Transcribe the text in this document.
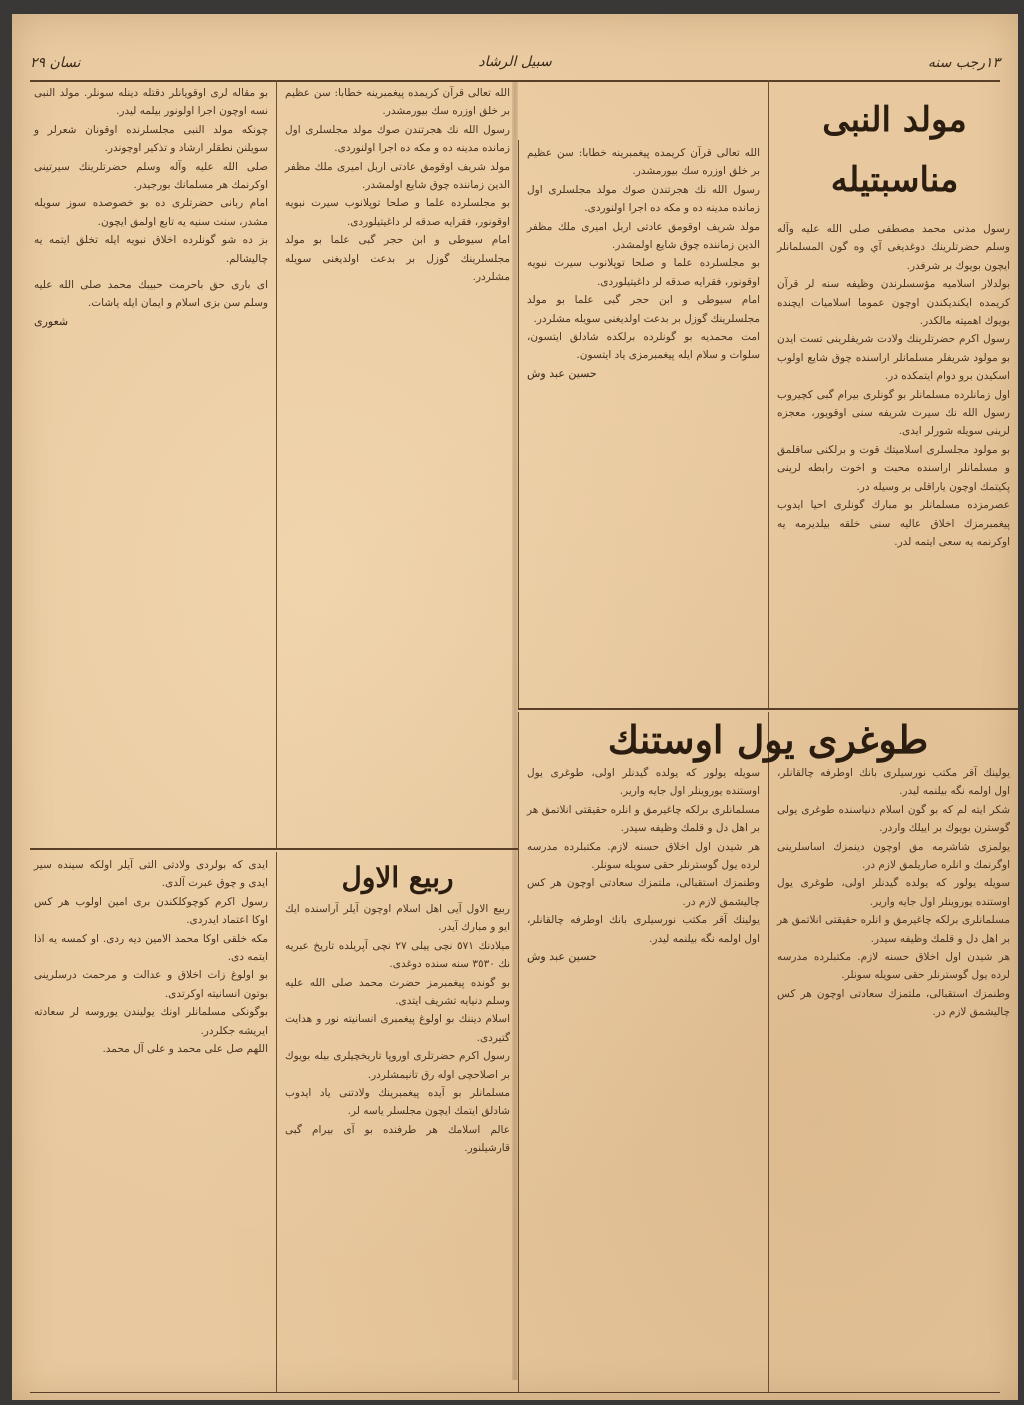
١٣ﺭﺟﺐ ﺳﻨﻪ
ﺳﺒﻴﻞ ﺍﻟﺮﺷﺎﺩ
ﻧﺴﺎﻥ ٢٩
ﻣﻮﻟﺪ ﺍﻟﻨﺒﻰ ﻣﻨﺎﺳﺒﺘﻴﻠﻪ

ﺭﺳﻮﻝ ﻣﺪﻧﻰ ﻣﺤﻤﺪ ﻣﺼﻄﻔﻰ ﺻﻠﻰ ﺍﻟﻠﻪ ﻋﻠﻴﻪ ﻭﺁﻟﻪ ﻭﺳﻠﻢ ﺣﻀﺮﺗﻠﺮﻳﻨﻚ ﺩﻭﻏﺪﻳﻐﻰ ﺁﻱ ﻭﻩ ﮔﻮﻥ ﺍﻟﻤﺴﻠﻤﺎﻧﻠﺮ ﺍﻳﭽﻮﻥ ﺑﻮﻳﻮﻙ ﺑﺮ ﺷﺮﻓﺪﺭ.

ﺑﻮﻟﺪﻻﺭ ﺍﺳﻼﻣﻴﻪ ﻣﺆﺳﺴﻠﺮﻧﺪﻥ ﻭﻇﻴﻔﻪ ﺳﻨﻪ ﻟﺮ ﻗﺮﺁﻥ ﻛﺮﻳﻤﺪﻩ ﺍﻳﻜﻨﺪﻳﻜﻨﺪﻥ ﺍﻭﭼﻮﻥ ﻋﻤﻮﻣﺎ ﺍﺳﻼﻣﻴﺎﺕ ﺍﻳﭽﻨﺪﻩ ﺑﻮﻳﻮﻙ ﺍﻫﻤﻴﺘﻪ ﻣﺎﻟﻜﺪﺭ.

ﺭﺳﻮﻝ ﺍﻛﺮﻡ ﺣﻀﺮﺗﻠﺮﻳﻨﻚ ﻭﻻﺩﺕ ﺷﺮﻳﻔﻠﺮﻳﻨﻰ ﺗﺴﺖ ﺍﻳﺪﻥ ﺑﻮ ﻣﻮﻟﻮﺩ ﺷﺮﻳﻔﻠﺮ ﻣﺴﻠﻤﺎﻧﻠﺮ ﺍﺭﺍﺳﻨﺪﻩ ﭼﻮﻕ ﺷﺎﻳﻊ ﺍﻭﻟﻮﺏ ﺍﺳﻜﻴﺪﻥ ﺑﺮﻭ ﺩﻭﺍﻡ ﺍﻳﺘﻤﻜﺪﻩ ﺩﺭ.

ﺍﻭﻝ ﺯﻣﺎﻧﻠﺮﺩﻩ ﻣﺴﻠﻤﺎﻧﻠﺮ ﺑﻮ ﮔﻮﻧﻠﺮﻯ ﺑﻴﺮﺍﻡ ﮔﺒﻰ ﻛﭽﻴﺮﻭﺏ ﺭﺳﻮﻝ ﺍﻟﻠﻪ ﻧﻚ ﺳﻴﺮﺕ ﺷﺮﻳﻔﻪ ﺳﻨﻰ ﺍﻭﻗﻮﻳﻮﺭ، ﻣﻌﺠﺰﻩ ﻟﺮﻳﻨﻰ ﺳﻮﻳﻠﻪ ﺷﻮﺭﻟﺮ ﺍﻳﺪﻯ.

ﺑﻮ ﻣﻮﻟﻮﺩ ﻣﺠﻠﺴﻠﺮﻯ ﺍﺳﻼﻣﻴﺘﻚ ﻗﻮﺕ ﻭ ﺑﺮﻟﻜﻨﻰ ﺳﺎﻗﻠﻤﻖ ﻭ ﻣﺴﻠﻤﺎﻧﻠﺮ ﺍﺭﺍﺳﻨﺪﻩ ﻣﺤﺒﺖ ﻭ ﺍﺧﻮﺕ ﺭﺍﺑﻄﻪ ﻟﺮﻳﻨﻰ ﭘﻜﻴﺘﻤﻚ ﺍﻭﭼﻮﻥ ﻳﺎﺭﺍﻗﻠﻰ ﺑﺮ ﻭﺳﻴﻠﻪ ﺩﺭ.

ﻋﺼﺮﻣﺰﺩﻩ ﻣﺴﻠﻤﺎﻧﻠﺮ ﺑﻮ ﻣﺒﺎﺭﻙ ﮔﻮﻧﻠﺮﻯ ﺍﺣﻴﺎ ﺍﻳﺪﻭﺏ ﭘﻴﻐﻤﺒﺮﻣﺰﻙ ﺍﺧﻼﻕ ﻋﺎﻟﻴﻪ ﺳﻨﻰ ﺧﻠﻘﻪ ﺑﻴﻠﺪﻳﺮﻣﻪ ﻳﻪ ﺍﻭﻛﺮﻧﻤﻪ ﻳﻪ ﺳﻌﻰ ﺍﻳﺘﻤﻪ ﻟﺪﺭ.

ﺍﻟﻠﻪ ﺗﻌﺎﻟﻰ ﻗﺮﺁﻥ ﻛﺮﻳﻤﺪﻩ ﭘﻴﻐﻤﺒﺮﻳﻨﻪ ﺧﻄﺎﺑﺎ: ﺳﻦ ﻋﻈﻴﻢ ﺑﺮ ﺧﻠﻖ ﺍﻭﺯﺭﻩ ﺳﻚ ﺑﻴﻮﺭﻣﺸﺪﺭ.

ﺭﺳﻮﻝ ﺍﻟﻠﻪ ﻧﻚ ﻫﺠﺮﺗﻨﺪﻥ ﺻﻮﻙ ﻣﻮﻟﺪ ﻣﺠﻠﺴﻠﺮﻯ ﺍﻭﻝ ﺯﻣﺎﻧﺪﻩ ﻣﺪﻳﻨﻪ ﺩﻩ ﻭ ﻣﻜﻪ ﺩﻩ ﺍﺟﺮﺍ ﺍﻭﻟﻨﻮﺭﺩﻯ.

ﻣﻮﻟﺪ ﺷﺮﻳﻒ ﺍﻭﻗﻮﻣﻖ ﻋﺎﺩﺗﻰ ﺍﺭﺑﻞ ﺍﻣﻴﺮﻯ ﻣﻠﻚ ﻣﻈﻔﺮ ﺍﻟﺪﻳﻦ ﺯﻣﺎﻧﻨﺪﻩ ﭼﻮﻕ ﺷﺎﻳﻊ ﺍﻭﻟﻤﺸﺪﺭ.

ﺑﻮ ﻣﺠﻠﺴﻠﺮﺩﻩ ﻋﻠﻤﺎ ﻭ ﺻﻠﺤﺎ ﺗﻮﭘﻼﻧﻮﺏ ﺳﻴﺮﺕ ﻧﺒﻮﻳﻪ ﺍﻭﻗﻮﻧﻮﺭ، ﻓﻘﺮﺍﻳﻪ ﺻﺪﻗﻪ ﻟﺮ ﺩﺍﻏﻴﺘﻴﻠﻮﺭﺩﻯ.

ﺍﻣﺎﻡ ﺳﻴﻮﻃﻰ ﻭ ﺍﺑﻦ ﺣﺠﺮ ﮔﺒﻰ ﻋﻠﻤﺎ ﺑﻮ ﻣﻮﻟﺪ ﻣﺠﻠﺴﻠﺮﻳﻨﻚ ﮔﻮﺯﻝ ﺑﺮ ﺑﺪﻋﺖ ﺍﻭﻟﺪﻳﻐﻨﻰ ﺳﻮﻳﻠﻪ ﻣﺸﻠﺮﺩﺭ.

ﺍﻣﺖ ﻣﺤﻤﺪﻳﻪ ﺑﻮ ﮔﻮﻧﻠﺮﺩﻩ ﺑﺮﻟﻜﺪﻩ ﺷﺎﺩﻟﻖ ﺍﻳﺘﺴﻮﻥ، ﺳﻠﻮﺍﺕ ﻭ ﺳﻼﻡ ﺍﻳﻠﻪ ﭘﻴﻐﻤﺒﺮﻣﺰﻯ ﻳﺎﺩ ﺍﻳﺘﺴﻮﻥ.

ﺣﺴﻴﻦ ﻋﺒﺪ ﻭﺵ

ﺍﻟﻠﻪ ﺗﻌﺎﻟﻰ ﻗﺮﺁﻥ ﻛﺮﻳﻤﺪﻩ ﭘﻴﻐﻤﺒﺮﻳﻨﻪ ﺧﻄﺎﺑﺎ: ﺳﻦ ﻋﻈﻴﻢ ﺑﺮ ﺧﻠﻖ ﺍﻭﺯﺭﻩ ﺳﻚ ﺑﻴﻮﺭﻣﺸﺪﺭ.

ﺭﺳﻮﻝ ﺍﻟﻠﻪ ﻧﻚ ﻫﺠﺮﺗﻨﺪﻥ ﺻﻮﻙ ﻣﻮﻟﺪ ﻣﺠﻠﺴﻠﺮﻯ ﺍﻭﻝ ﺯﻣﺎﻧﺪﻩ ﻣﺪﻳﻨﻪ ﺩﻩ ﻭ ﻣﻜﻪ ﺩﻩ ﺍﺟﺮﺍ ﺍﻭﻟﻨﻮﺭﺩﻯ.

ﻣﻮﻟﺪ ﺷﺮﻳﻒ ﺍﻭﻗﻮﻣﻖ ﻋﺎﺩﺗﻰ ﺍﺭﺑﻞ ﺍﻣﻴﺮﻯ ﻣﻠﻚ ﻣﻈﻔﺮ ﺍﻟﺪﻳﻦ ﺯﻣﺎﻧﻨﺪﻩ ﭼﻮﻕ ﺷﺎﻳﻊ ﺍﻭﻟﻤﺸﺪﺭ.

ﺑﻮ ﻣﺠﻠﺴﻠﺮﺩﻩ ﻋﻠﻤﺎ ﻭ ﺻﻠﺤﺎ ﺗﻮﭘﻼﻧﻮﺏ ﺳﻴﺮﺕ ﻧﺒﻮﻳﻪ ﺍﻭﻗﻮﻧﻮﺭ، ﻓﻘﺮﺍﻳﻪ ﺻﺪﻗﻪ ﻟﺮ ﺩﺍﻏﻴﺘﻴﻠﻮﺭﺩﻯ.

ﺍﻣﺎﻡ ﺳﻴﻮﻃﻰ ﻭ ﺍﺑﻦ ﺣﺠﺮ ﮔﺒﻰ ﻋﻠﻤﺎ ﺑﻮ ﻣﻮﻟﺪ ﻣﺠﻠﺴﻠﺮﻳﻨﻚ ﮔﻮﺯﻝ ﺑﺮ ﺑﺪﻋﺖ ﺍﻭﻟﺪﻳﻐﻨﻰ ﺳﻮﻳﻠﻪ ﻣﺸﻠﺮﺩﺭ.

ﺑﻮ ﻣﻘﺎﻟﻪ ﻟﺮﻯ ﺍﻭﻗﻮﻳﺎﻧﻠﺮ ﺩﻗﺘﻠﻪ ﺩﻳﻨﻠﻪ ﺳﻮﻧﻠﺮ. ﻣﻮﻟﺪ ﺍﻟﻨﺒﻰ ﻧﺴﻪ ﺍﻭﭼﻮﻥ ﺍﺟﺮﺍ ﺍﻭﻟﻮﻧﻮﺭ ﺑﻴﻠﻤﻪ ﻟﻴﺪﺭ.

ﭼﻮﻧﻜﻪ ﻣﻮﻟﺪ ﺍﻟﻨﺒﻰ ﻣﺠﻠﺴﻠﺮﻧﺪﻩ ﺍﻭﻗﻮﻧﺎﻥ ﺷﻌﺮﻟﺮ ﻭ ﺳﻮﻳﻠﻨﻦ ﻧﻄﻘﻠﺮ ﺍﺭﺷﺎﺩ ﻭ ﺗﺬﻛﻴﺮ ﺍﻭﭼﻮﻧﺪﺭ.

ﺻﻠﻰ ﺍﻟﻠﻪ ﻋﻠﻴﻪ ﻭﺁﻟﻪ ﻭﺳﻠﻢ ﺣﻀﺮﺗﻠﺮﻳﻨﻚ ﺳﻴﺮﺗﻴﻨﻰ ﺍﻭﻛﺮﻧﻤﻚ ﻫﺮ ﻣﺴﻠﻤﺎﻧﻚ ﺑﻮﺭﺟﻴﺪﺭ.

ﺍﻣﺎﻡ ﺭﺑﺎﻧﻰ ﺣﻀﺮﺗﻠﺮﻯ ﺩﻩ ﺑﻮ ﺧﺼﻮﺻﺪﻩ ﺳﻮﺯ ﺳﻮﻳﻠﻪ ﻣﺸﺪﺭ، ﺳﻨﺖ ﺳﻨﻴﻪ ﻳﻪ ﺗﺎﺑﻊ ﺍﻭﻟﻤﻖ ﺍﻳﭽﻮﻥ.

ﺑﺰ ﺩﻩ ﺷﻮ ﮔﻮﻧﻠﺮﺩﻩ ﺍﺧﻼﻕ ﻧﺒﻮﻳﻪ ﺍﻳﻠﻪ ﺗﺨﻠﻖ ﺍﻳﺘﻤﻪ ﻳﻪ ﭼﺎﻟﻴﺸﺎﻟﻢ.

ﺍﻯ ﺑﺎﺭﻯ ﺣﻖ ﺑﺎﺣﺮﻣﺖ ﺣﺒﻴﺒﻚ ﻣﺤﻤﺪ ﺻﻠﻰ ﺍﻟﻠﻪ ﻋﻠﻴﻪ ﻭﺳﻠﻢ ﺳﻦ ﺑﺰﻯ ﺍﺳﻼﻡ ﻭ ﺍﻳﻤﺎﻥ ﺍﻳﻠﻪ ﻳﺎﺷﺎﺕ.

ﺷﻌﻮﺭﻯ

ﻳﻮﻟﻴﻨﻚ ﺁﻗﺮ ﻣﻜﺘﺐ ﻧﻮﺭﺳﻴﻠﺮﻯ ﺑﺎﻧﻚ ﺍﻭﻃﺮﻓﻪ ﭼﺎﻟﻘﺎﻧﻠﺮ، ﺍﻭﻝ ﺍﻭﻟﻤﻪ ﻧﮕﻪ ﺑﻴﻠﻨﻤﻪ ﻟﻴﺪﺭ.

ﺷﻜﺮ ﺍﻳﺘﻪ ﻟﻢ ﻛﻪ ﺑﻮ ﮔﻮﻥ ﺍﺳﻼﻡ ﺩﻧﻴﺎﺳﻨﺪﻩ ﻃﻮﻏﺮﻯ ﻳﻮﻟﻰ ﮔﻮﺳﺘﺮﻥ ﺑﻮﻳﻮﻙ ﺑﺮ ﺍﻳﻴﻠﻚ ﻭﺍﺭﺩﺭ.

ﻳﻮﻟﻤﺰﻯ ﺷﺎﺷﺮﻣﻪ ﻣﻖ ﺍﻭﭼﻮﻥ ﺩﻳﻨﻤﺰﻙ ﺍﺳﺎﺳﻠﺮﻳﻨﻰ ﺍﻭﮔﺮﻧﻤﻚ ﻭ ﺍﻧﻠﺮﻩ ﺻﺎﺭﻳﻠﻤﻖ ﻻﺯﻡ ﺩﺭ.

ﺳﻮﻳﻠﻪ ﻳﻮﻟﻮﺭ ﻛﻪ ﻳﻮﻟﺪﻩ ﮔﻴﺪﻧﻠﺮ ﺍﻭﻟﻰ، ﻃﻮﻏﺮﻯ ﻳﻮﻝ ﺍﻭﺳﺘﻨﺪﻩ ﻳﻮﺭﻭﻳﻨﻠﺮ ﺍﻭﻝ ﺟﺎﻳﻪ ﻭﺍﺭﻳﺮ.

ﻣﺴﻠﻤﺎﻧﻠﺮﻯ ﺑﺮﻟﻜﻪ ﭼﺎﻏﻴﺮﻣﻖ ﻭ ﺍﻧﻠﺮﻩ ﺣﻘﻴﻘﺘﻰ ﺍﻧﻼﺗﻤﻖ ﻫﺮ ﺑﺮ ﺍﻫﻞ ﺩﻝ ﻭ ﻗﻠﻤﻚ ﻭﻇﻴﻔﻪ ﺳﻴﺪﺭ.

ﻫﺮ ﺷﻴﺪﻥ ﺍﻭﻝ ﺍﺧﻼﻕ ﺣﺴﻨﻪ ﻟﺎﺯﻡ. ﻣﻜﺘﺒﻠﺮﺩﻩ ﻣﺪﺭﺳﻪ ﻟﺮﺩﻩ ﻳﻮﻝ ﮔﻮﺳﺘﺮﻧﻠﺮ ﺣﻘﻰ ﺳﻮﻳﻠﻪ ﺳﻮﻧﻠﺮ.

ﻭﻃﻨﻤﺰﻙ ﺍﺳﺘﻘﺒﺎﻟﻰ، ﻣﻠﺘﻤﺰﻙ ﺳﻌﺎﺩﺗﻰ ﺍﻭﭼﻮﻥ ﻫﺮ ﻛﺲ ﭼﺎﻟﻴﺸﻤﻖ ﻟﺎﺯﻡ ﺩﺭ.

ﻃﻮﻏﺮﻯ ﻳﻮﻝ ﺍﻭﺳﺘﻨﻚ

ﺳﻮﻳﻠﻪ ﻳﻮﻟﻮﺭ ﻛﻪ ﻳﻮﻟﺪﻩ ﮔﻴﺪﻧﻠﺮ ﺍﻭﻟﻰ، ﻃﻮﻏﺮﻯ ﻳﻮﻝ ﺍﻭﺳﺘﻨﺪﻩ ﻳﻮﺭﻭﻳﻨﻠﺮ ﺍﻭﻝ ﺟﺎﻳﻪ ﻭﺍﺭﻳﺮ.

ﻣﺴﻠﻤﺎﻧﻠﺮﻯ ﺑﺮﻟﻜﻪ ﭼﺎﻏﻴﺮﻣﻖ ﻭ ﺍﻧﻠﺮﻩ ﺣﻘﻴﻘﺘﻰ ﺍﻧﻼﺗﻤﻖ ﻫﺮ ﺑﺮ ﺍﻫﻞ ﺩﻝ ﻭ ﻗﻠﻤﻚ ﻭﻇﻴﻔﻪ ﺳﻴﺪﺭ.

ﻫﺮ ﺷﻴﺪﻥ ﺍﻭﻝ ﺍﺧﻼﻕ ﺣﺴﻨﻪ ﻟﺎﺯﻡ. ﻣﻜﺘﺒﻠﺮﺩﻩ ﻣﺪﺭﺳﻪ ﻟﺮﺩﻩ ﻳﻮﻝ ﮔﻮﺳﺘﺮﻧﻠﺮ ﺣﻘﻰ ﺳﻮﻳﻠﻪ ﺳﻮﻧﻠﺮ.

ﻭﻃﻨﻤﺰﻙ ﺍﺳﺘﻘﺒﺎﻟﻰ، ﻣﻠﺘﻤﺰﻙ ﺳﻌﺎﺩﺗﻰ ﺍﻭﭼﻮﻥ ﻫﺮ ﻛﺲ ﭼﺎﻟﻴﺸﻤﻖ ﻟﺎﺯﻡ ﺩﺭ.

ﻳﻮﻟﻴﻨﻚ ﺁﻗﺮ ﻣﻜﺘﺐ ﻧﻮﺭﺳﻴﻠﺮﻯ ﺑﺎﻧﻚ ﺍﻭﻃﺮﻓﻪ ﭼﺎﻟﻘﺎﻧﻠﺮ، ﺍﻭﻝ ﺍﻭﻟﻤﻪ ﻧﮕﻪ ﺑﻴﻠﻨﻤﻪ ﻟﻴﺪﺭ.

ﺣﺴﻴﻦ ﻋﺒﺪ ﻭﺵ

ﺭﺑﻴﻊ ﺍﻻﻭﻝ

ﺭﺑﻴﻊ ﺍﻻﻭﻝ ﺁﻳﻰ ﺍﻫﻞ ﺍﺳﻼﻡ ﺍﻭﭼﻮﻥ ﺁﻳﻠﺮ ﺁﺭﺍﺳﻨﺪﻩ ﺍﻳﻚ ﺍﻳﻮ ﻭ ﻣﺒﺎﺭﻙ ﺁﻳﺪﺭ.

ﻣﻴﻼﺩﻧﻚ ٥٧١ ﻧﭽﻰ ﻳﻴﻠﻰ ٢٧ ﻧﭽﻰ ﺁﭘﺮﻳﻠﺪﻩ ﺗﺎﺭﻳﺦ ﻋﺒﺮﻳﻪ ﻧﻚ ٣٥٣٠ ﺳﻨﻪ ﺳﻨﺪﻩ ﺩﻭﻏﺪﻯ.

ﺑﻮ ﮔﻮﻧﺪﻩ ﭘﻴﻐﻤﺒﺮﻣﺰ ﺣﻀﺮﺕ ﻣﺤﻤﺪ ﺻﻠﻰ ﺍﻟﻠﻪ ﻋﻠﻴﻪ ﻭﺳﻠﻢ ﺩﻧﻴﺎﻳﻪ ﺗﺸﺮﻳﻒ ﺍﻳﺘﺪﻯ.

ﺍﺳﻼﻡ ﺩﻳﻨﻨﻚ ﺑﻮ ﺍﻭﻟﻮﻍ ﭘﻴﻐﻤﺒﺮﻯ ﺍﻧﺴﺎﻧﻴﺘﻪ ﻧﻮﺭ ﻭ ﻫﺪﺍﻳﺖ ﮔﺘﻴﺮﺩﻯ.

ﺭﺳﻮﻝ ﺍﻛﺮﻡ ﺣﻀﺮﺗﻠﺮﻯ ﺍﻭﺭﻭﭘﺎ ﺗﺎﺭﻳﺨﭽﻴﻠﺮﻯ ﺑﻴﻠﻪ ﺑﻮﻳﻮﻙ ﺑﺮ ﺍﺻﻼﺣﭽﻰ ﺍﻭﻟﻪ ﺭﻕ ﺗﺎﻧﻴﻤﺸﻠﺮﺩﺭ.

ﻣﺴﻠﻤﺎﻧﻠﺮ ﺑﻮ ﺁﻳﺪﻩ ﭘﻴﻐﻤﺒﺮﻳﻨﻚ ﻭﻻﺩﺗﻨﻰ ﻳﺎﺩ ﺍﻳﺪﻭﺏ ﺷﺎﺩﻟﻖ ﺍﻳﺘﻤﻚ ﺍﻳﭽﻮﻥ ﻣﺠﻠﺴﻠﺮ ﻳﺎﺳﻪ ﻟﺮ.

ﻋﺎﻟﻢ ﺍﺳﻼﻣﻚ ﻫﺮ ﻃﺮﻓﻨﺪﻩ ﺑﻮ ﺁﻯ ﺑﻴﺮﺍﻡ ﮔﺒﻰ ﻗﺎﺭﺷﻴﻠﻨﻮﺭ.

ﺍﻳﺪﻯ ﻛﻪ ﺑﻮﻟﺮﺩﻯ ﻭﻻﺩﺗﻰ ﺍﻟﺘﻰ ﺁﻳﻠﺮ ﺍﻭﻟﻜﻪ ﺳﻴﻨﺪﻩ ﺳﻴﺮ ﺍﻳﺪﻯ ﻭ ﭼﻮﻕ ﻋﺒﺮﺕ ﺁﻟﺪﻯ.

ﺭﺳﻮﻝ ﺍﻛﺮﻡ ﻛﻮﭼﻮﻛﻠﻜﻨﺪﻥ ﺑﺮﻯ ﺍﻣﻴﻦ ﺍﻭﻟﻮﺏ ﻫﺮ ﻛﺲ ﺍﻭﻛﺎ ﺍﻋﺘﻤﺎﺩ ﺍﻳﺪﺭﺩﻯ.

ﻣﻜﻪ ﺧﻠﻘﻰ ﺍﻭﻛﺎ ﻣﺤﻤﺪ ﺍﻻﻣﻴﻦ ﺩﻳﻪ ﺭﺩﻯ. ﺍﻭ ﻛﻤﺴﻪ ﻳﻪ ﺍﺫﺍ ﺍﻳﺘﻤﻪ ﺩﻯ.

ﺑﻮ ﺍﻭﻟﻮﻍ ﺯﺍﺕ ﺍﺧﻼﻕ ﻭ ﻋﺪﺍﻟﺖ ﻭ ﻣﺮﺣﻤﺖ ﺩﺭﺳﻠﺮﻳﻨﻰ ﺑﻮﺗﻮﻥ ﺍﻧﺴﺎﻧﻴﺘﻪ ﺍﻭﻛﺮﺗﺪﻯ.

ﺑﻮﮔﻮﻧﻜﻰ ﻣﺴﻠﻤﺎﻧﻠﺮ ﺍﻭﻧﻚ ﻳﻮﻟﻴﻨﺪﻥ ﻳﻮﺭﻭﺳﻪ ﻟﺮ ﺳﻌﺎﺩﺗﻪ ﺍﻳﺮﻳﺸﻪ ﺟﻜﻠﺮﺩﺭ.

ﺍﻟﻠﻬﻢ ﺻﻞ ﻋﻠﻰ ﻣﺤﻤﺪ ﻭ ﻋﻠﻰ ﺁﻝ ﻣﺤﻤﺪ.
